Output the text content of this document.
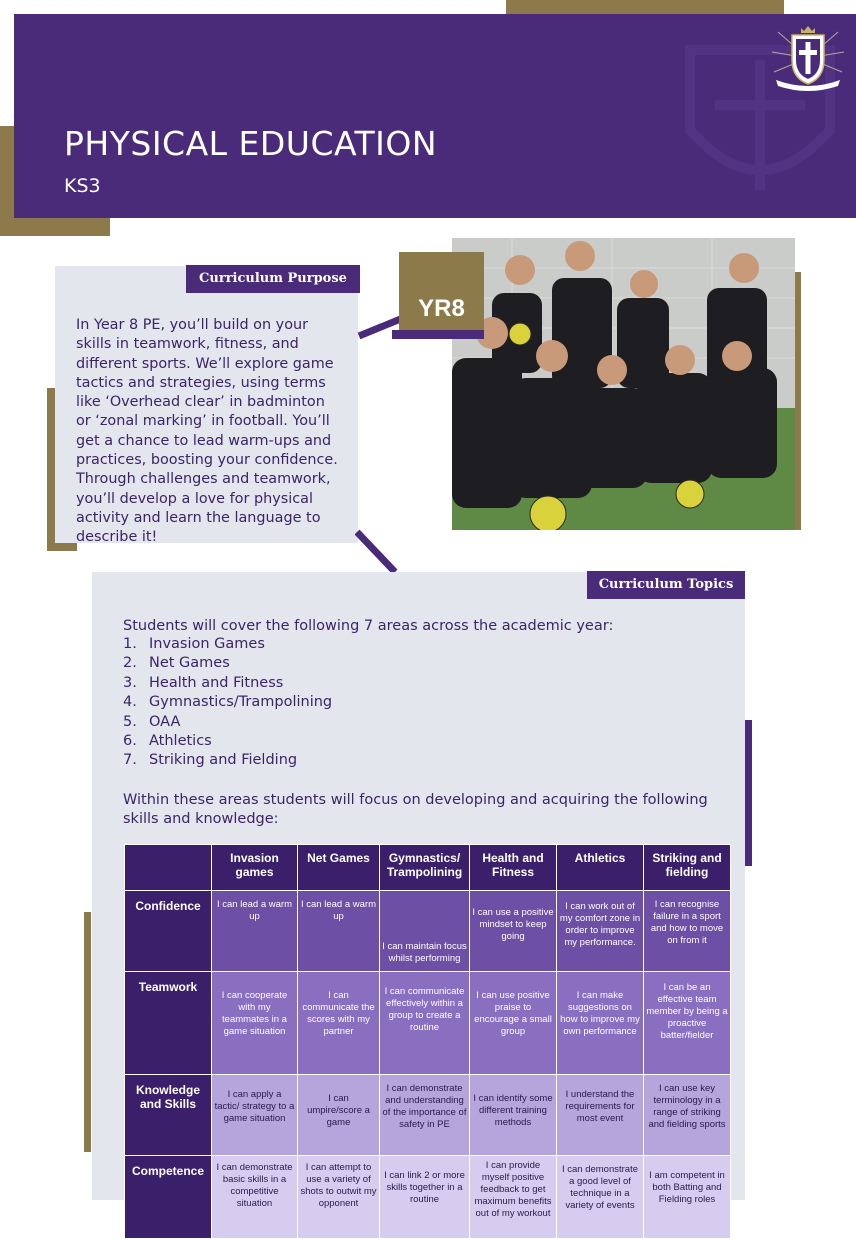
PHYSICAL EDUCATION
KS3
Curriculum Purpose
In Year 8 PE, you’ll build on your skills in teamwork, fitness, and different sports. We’ll explore game tactics and strategies, using terms like ‘Overhead clear’ in badminton or ‘zonal marking’ in football. You’ll get a chance to lead warm-ups and practices, boosting your confidence. Through challenges and teamwork, you’ll develop a love for physical activity and learn the language to describe it!
YR8
Curriculum Topics
Students will cover the following 7 areas across the academic year:
1. Invasion Games
2. Net Games
3. Health and Fitness
4. Gymnastics/Trampolining
5. OAA
6. Athletics
7. Striking and Fielding
Within these areas students will focus on developing and acquiring the following skills and knowledge:
	Invasion games	Net Games	Gymnastics/ Trampolining	Health and Fitness	Athletics	Striking and fielding
Confidence	I can lead a warm up	I can lead a warm up	I can maintain focus whilst performing	I can use a positive mindset to keep going	I can work out of my comfort zone in order to improve my performance.	I can recognise failure in a sport and how to move on from it
Teamwork	I can cooperate with my teammates in a game situation	I can communicate the scores with my partner	I can communicate effectively within a group to create a routine	I can use positive praise to encourage a small group	I can make suggestions on how to improve my own performance	I can be an effective team member by being a proactive batter/fielder
Knowledge and Skills	I can apply a tactic/ strategy to a game situation	I can umpire/score a game	I can demonstrate and understanding of the importance of safety in PE	I can identify some different training methods	I understand the requirements for most event	I can use key terminology in a range of striking and fielding sports
Competence	I can demonstrate basic skills in a competitive situation	I can attempt to use a variety of shots to outwit my opponent	I can link 2 or more skills together in a routine	I can provide myself positive feedback to get maximum benefits out of my workout	I can demonstrate a good level of technique in a variety of events	I am competent in both Batting and Fielding roles
